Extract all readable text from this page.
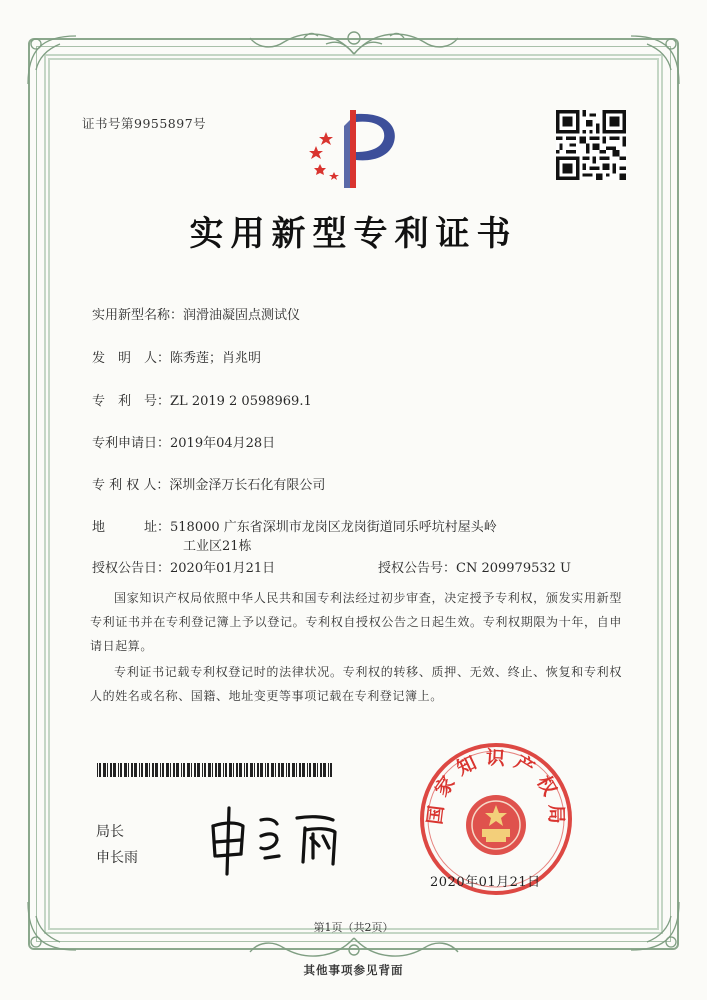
证书号第9955897号
实用新型专利证书
实用新型名称：润滑油凝固点测试仪
发　明　人：陈秀莲；肖兆明
专　利　号：ZL 2019 2 0598969.1
专利申请日：2019年04月28日
专 利 权 人：深圳金泽万长石化有限公司
地　　　址：518000 广东省深圳市龙岗区龙岗街道同乐呼坑村屋头岭
工业区21栋
授权公告日：2020年01月21日	授权公告号：CN 209979532 U
国家知识产权局依照中华人民共和国专利法经过初步审查，决定授予专利权，颁发实用新型专利证书并在专利登记簿上予以登记。专利权自授权公告之日起生效。专利权期限为十年，自申请日起算。
专利证书记载专利权登记时的法律状况。专利权的转移、质押、无效、终止、恢复和专利权人的姓名或名称、国籍、地址变更等事项记载在专利登记簿上。
局长
申长雨
国家知识产权局
2020年01月21日
第1页（共2页）
其他事项参见背面
